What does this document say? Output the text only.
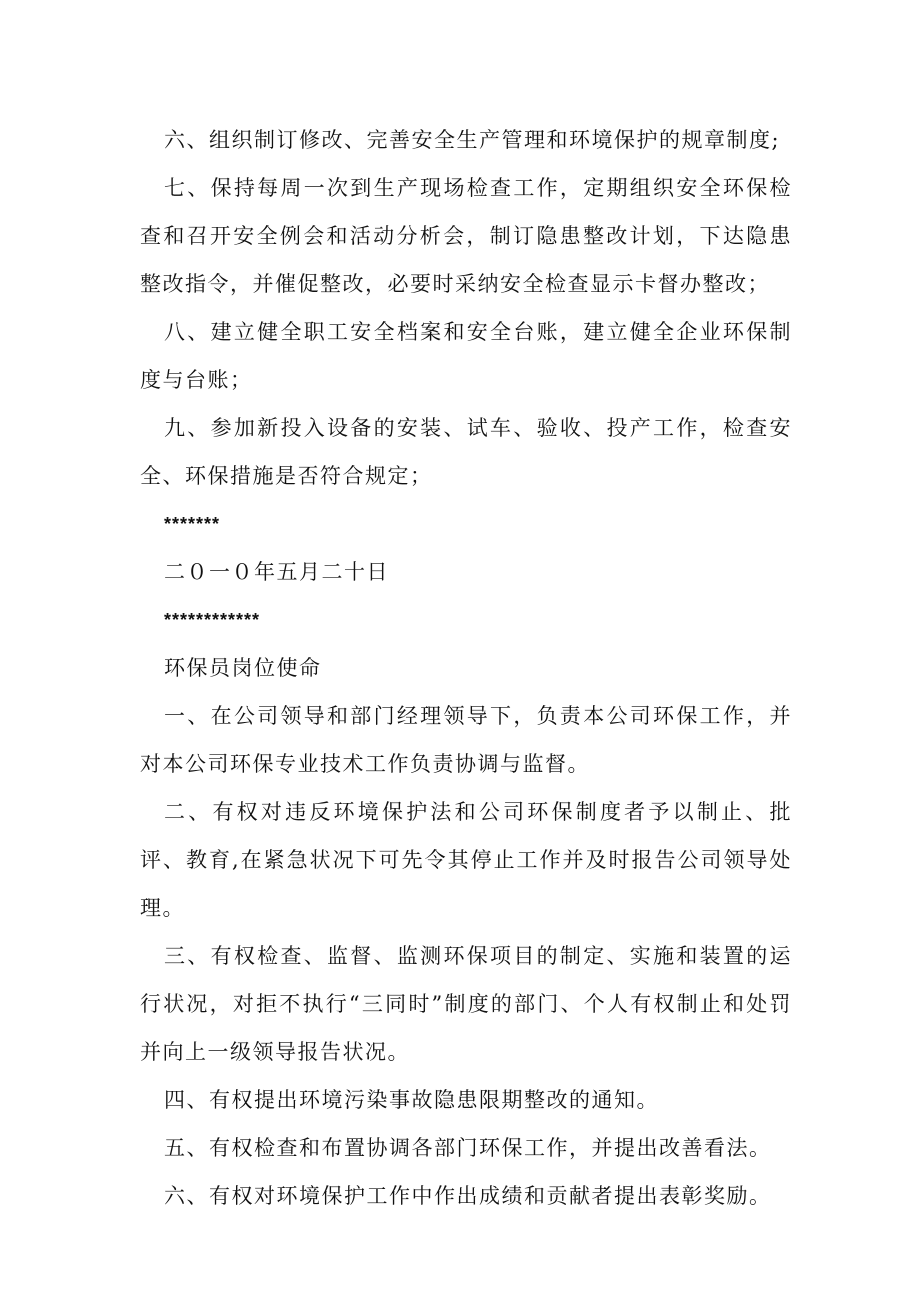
六、组织制订修改、完善安全生产管理和环境保护的规章制度;

七、保持每周一次到生产现场检查工作，定期组织安全环保检查和召开安全例会和活动分析会，制订隐患整改计划，下达隐患整改指令，并催促整改，必要时采纳安全检查显示卡督办整改；

八、建立健全职工安全档案和安全台账，建立健全企业环保制度与台账；

九、参加新投入设备的安装、试车、验收、投产工作，检查安全、环保措施是否符合规定；

*******

二０一０年五月二十日

************

环保员岗位使命

一、在公司领导和部门经理领导下，负责本公司环保工作，并对本公司环保专业技术工作负责协调与监督。

二、有权对违反环境保护法和公司环保制度者予以制止、批评、教育,在紧急状况下可先令其停止工作并及时报告公司领导处理。

三、有权检查、监督、监测环保项目的制定、实施和装置的运行状况，对拒不执行“三同时”制度的部门、个人有权制止和处罚并向上一级领导报告状况。

四、有权提出环境污染事故隐患限期整改的通知。

五、有权检查和布置协调各部门环保工作，并提出改善看法。

六、有权对环境保护工作中作出成绩和贡献者提出表彰奖励。
